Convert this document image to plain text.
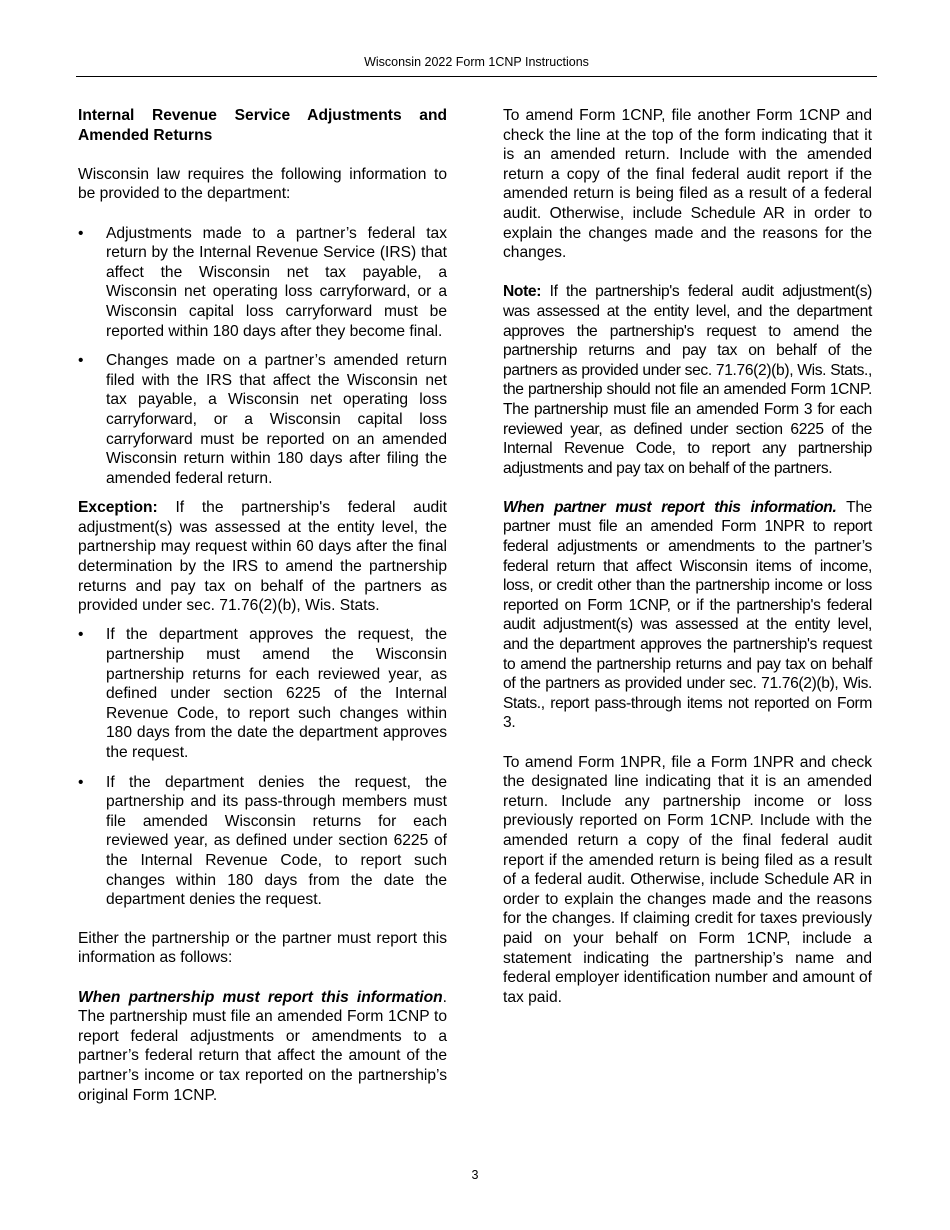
Wisconsin 2022 Form 1CNP Instructions
Internal Revenue Service Adjustments and Amended Returns

Wisconsin law requires the following information to be provided to the department:

• Adjustments made to a partner’s federal tax return by the Internal Revenue Service (IRS) that affect the Wisconsin net tax payable, a Wisconsin net operating loss carryforward, or a Wisconsin capital loss carryforward must be reported within 180 days after they become final.
• Changes made on a partner’s amended return filed with the IRS that affect the Wisconsin net tax payable, a Wisconsin net operating loss carryforward, or a Wisconsin capital loss carryforward must be reported on an amended Wisconsin return within 180 days after filing the amended federal return.

Exception: If the partnership's federal audit adjustment(s) was assessed at the entity level, the partnership may request within 60 days after the final determination by the IRS to amend the partnership returns and pay tax on behalf of the partners as provided under sec. 71.76(2)(b), Wis. Stats.

• If the department approves the request, the partnership must amend the Wisconsin partnership returns for each reviewed year, as defined under section 6225 of the Internal Revenue Code, to report such changes within 180 days from the date the department approves the request.
• If the department denies the request, the partnership and its pass-through members must file amended Wisconsin returns for each reviewed year, as defined under section 6225 of the Internal Revenue Code, to report such changes within 180 days from the date the department denies the request.

Either the partnership or the partner must report this information as follows:

When partnership must report this information. The partnership must file an amended Form 1CNP to report federal adjustments or amendments to a partner’s federal return that affect the amount of the partner’s income or tax reported on the partnership’s original Form 1CNP.

To amend Form 1CNP, file another Form 1CNP and check the line at the top of the form indicating that it is an amended return. Include with the amended return a copy of the final federal audit report if the amended return is being filed as a result of a federal audit. Otherwise, include Schedule AR in order to explain the changes made and the reasons for the changes.

Note: If the partnership's federal audit adjustment(s) was assessed at the entity level, and the department approves the partnership's request to amend the partnership returns and pay tax on behalf of the partners as provided under sec. 71.76(2)(b), Wis. Stats., the partnership should not file an amended Form 1CNP. The partnership must file an amended Form 3 for each reviewed year, as defined under section 6225 of the Internal Revenue Code, to report any partnership adjustments and pay tax on behalf of the partners.

When partner must report this information. The partner must file an amended Form 1NPR to report federal adjustments or amendments to the partner’s federal return that affect Wisconsin items of income, loss, or credit other than the partnership income or loss reported on Form 1CNP, or if the partnership's federal audit adjustment(s) was assessed at the entity level, and the department approves the partnership's request to amend the partnership returns and pay tax on behalf of the partners as provided under sec. 71.76(2)(b), Wis. Stats., report pass-through items not reported on Form 3.

To amend Form 1NPR, file a Form 1NPR and check the designated line indicating that it is an amended return. Include any partnership income or loss previously reported on Form 1CNP. Include with the amended return a copy of the final federal audit report if the amended return is being filed as a result of a federal audit. Otherwise, include Schedule AR in order to explain the changes made and the reasons for the changes. If claiming credit for taxes previously paid on your behalf on Form 1CNP, include a statement indicating the partnership’s name and federal employer identification number and amount of tax paid.

3
